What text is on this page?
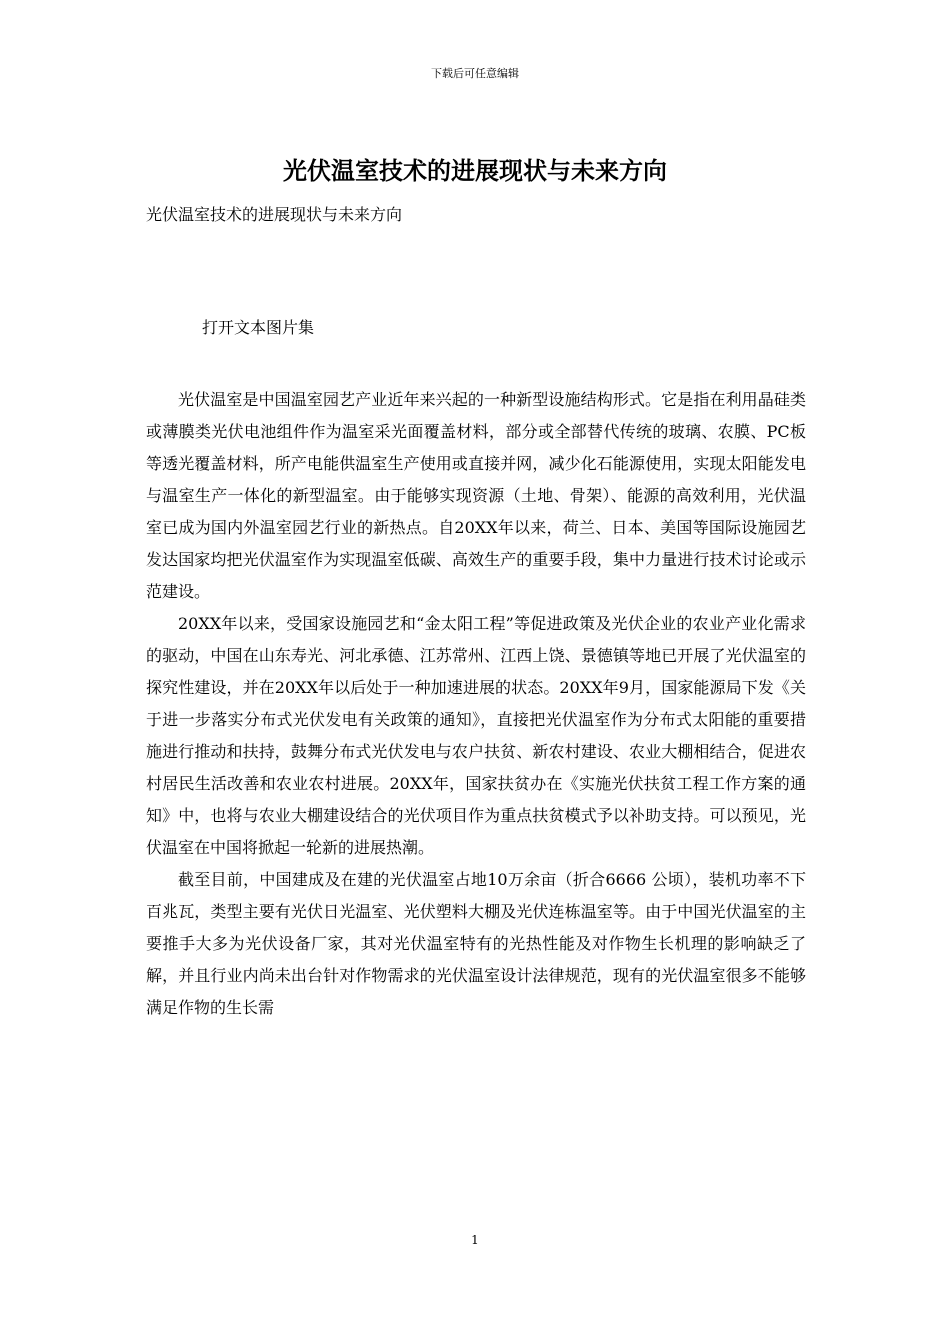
下载后可任意编辑
光伏温室技术的进展现状与未来方向
光伏温室技术的进展现状与未来方向
打开文本图片集

光伏温室是中国温室园艺产业近年来兴起的一种新型设施结构形式。它是指在利用晶硅类或薄膜类光伏电池组件作为温室采光面覆盖材料，部分或全部替代传统的玻璃、农膜、PC板等透光覆盖材料，所产电能供温室生产使用或直接并网，减少化石能源使用，实现太阳能发电与温室生产一体化的新型温室。由于能够实现资源（土地、骨架）、能源的高效利用，光伏温室已成为国内外温室园艺行业的新热点。自20XX年以来，荷兰、日本、美国等国际设施园艺发达国家均把光伏温室作为实现温室低碳、高效生产的重要手段，集中力量进行技术讨论或示范建设。

20XX年以来，受国家设施园艺和“金太阳工程”等促进政策及光伏企业的农业产业化需求的驱动，中国在山东寿光、河北承德、江苏常州、江西上饶、景德镇等地已开展了光伏温室的探究性建设，并在20XX年以后处于一种加速进展的状态。20XX年9月，国家能源局下发《关于进一步落实分布式光伏发电有关政策的通知》，直接把光伏温室作为分布式太阳能的重要措施进行推动和扶持，鼓舞分布式光伏发电与农户扶贫、新农村建设、农业大棚相结合，促进农村居民生活改善和农业农村进展。20XX年，国家扶贫办在《实施光伏扶贫工程工作方案的通知》中，也将与农业大棚建设结合的光伏项目作为重点扶贫模式予以补助支持。可以预见，光伏温室在中国将掀起一轮新的进展热潮。

截至目前，中国建成及在建的光伏温室占地10万余亩（折合6666 公顷），装机功率不下百兆瓦，类型主要有光伏日光温室、光伏塑料大棚及光伏连栋温室等。由于中国光伏温室的主要推手大多为光伏设备厂家，其对光伏温室特有的光热性能及对作物生长机理的影响缺乏了解，并且行业内尚未出台针对作物需求的光伏温室设计法律规范，现有的光伏温室很多不能够满足作物的生长需

1
